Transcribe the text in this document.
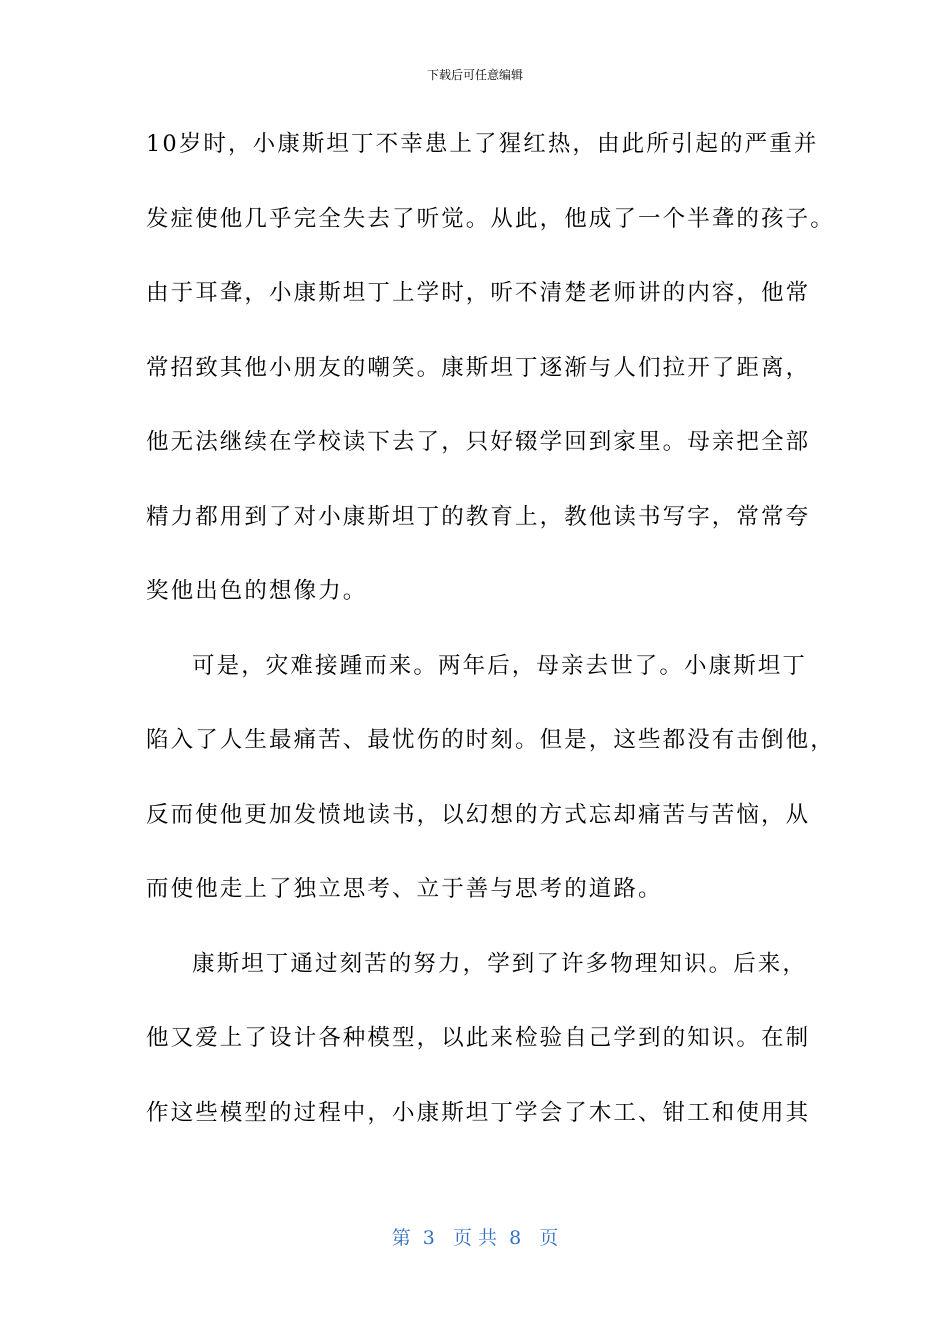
下载后可任意编辑
10岁时，小康斯坦丁不幸患上了猩红热，由此所引起的严重并
发症使他几乎完全失去了听觉。从此，他成了一个半聋的孩子。
由于耳聋，小康斯坦丁上学时，听不清楚老师讲的内容，他常
常招致其他小朋友的嘲笑。康斯坦丁逐渐与人们拉开了距离，
他无法继续在学校读下去了，只好辍学回到家里。母亲把全部
精力都用到了对小康斯坦丁的教育上，教他读书写字，常常夸
奖他出色的想像力。
可是，灾难接踵而来。两年后，母亲去世了。小康斯坦丁
陷入了人生最痛苦、最忧伤的时刻。但是，这些都没有击倒他，
反而使他更加发愤地读书，以幻想的方式忘却痛苦与苦恼，从
而使他走上了独立思考、立于善与思考的道路。
康斯坦丁通过刻苦的努力，学到了许多物理知识。后来，
他又爱上了设计各种模型，以此来检验自己学到的知识。在制
作这些模型的过程中，小康斯坦丁学会了木工、钳工和使用其
第  3   页 共  8   页
